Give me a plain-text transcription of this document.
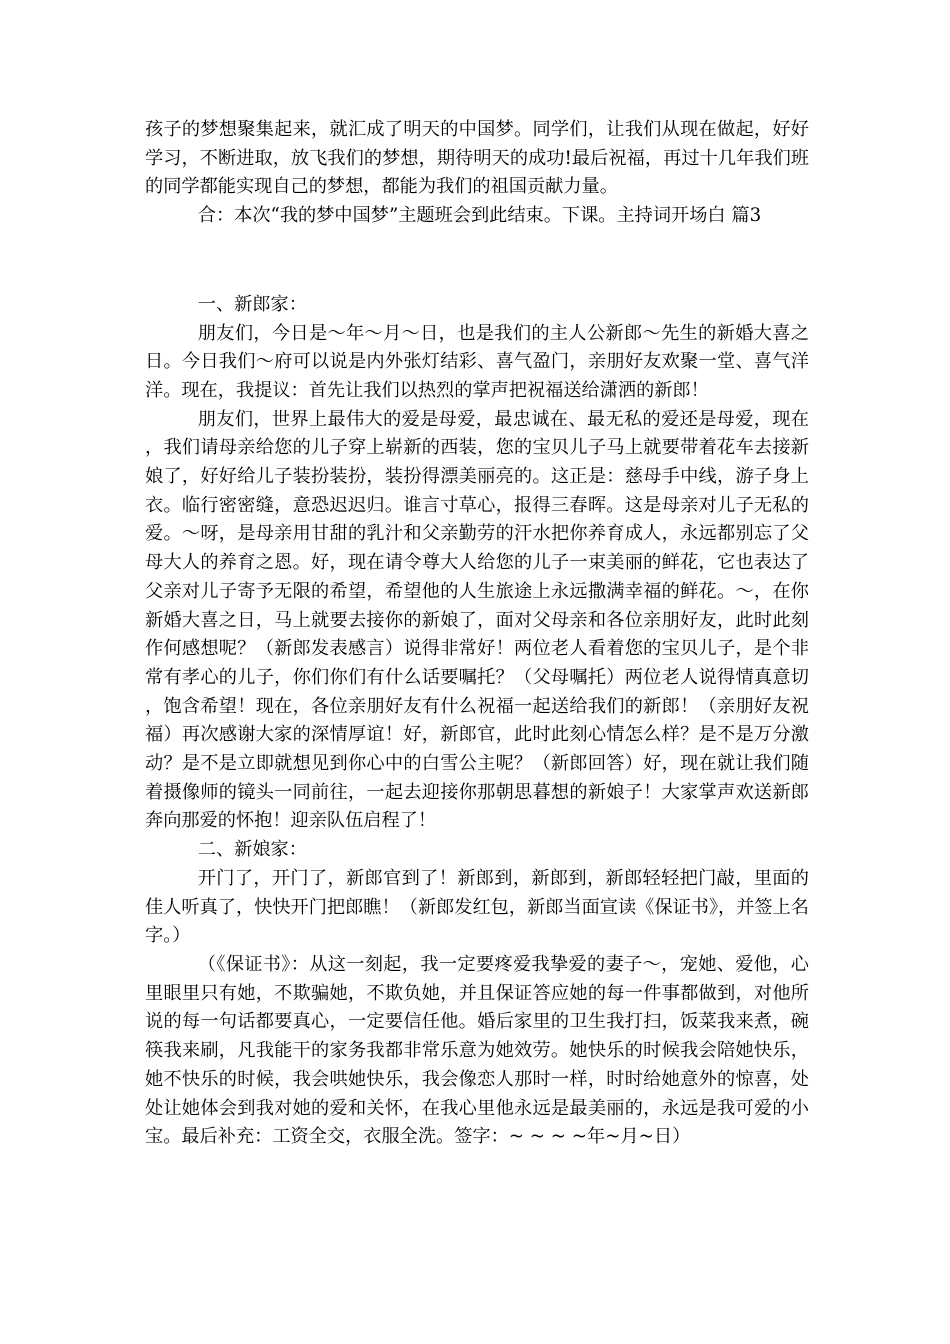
孩子的梦想聚集起来，就汇成了明天的中国梦。同学们，让我们从现在做起，好好学习，不断进取，放飞我们的梦想，期待明天的成功!最后祝福，再过十几年我们班的同学都能实现自己的梦想，都能为我们的祖国贡献力量。

合：本次“我的梦中国梦”主题班会到此结束。下课。主持词开场白 篇3

一、新郎家：

朋友们，今日是～年～月～日，也是我们的主人公新郎～先生的新婚大喜之日。今日我们～府可以说是内外张灯结彩、喜气盈门，亲朋好友欢聚一堂、喜气洋洋。现在，我提议：首先让我们以热烈的掌声把祝福送给潇洒的新郎！

朋友们，世界上最伟大的爱是母爱，最忠诚在、最无私的爱还是母爱，现在，我们请母亲给您的儿子穿上崭新的西装，您的宝贝儿子马上就要带着花车去接新娘了，好好给儿子装扮装扮，装扮得漂美丽亮的。这正是：慈母手中线，游子身上衣。临行密密缝，意恐迟迟归。谁言寸草心，报得三春晖。这是母亲对儿子无私的爱。～呀，是母亲用甘甜的乳汁和父亲勤劳的汗水把你养育成人，永远都别忘了父母大人的养育之恩。好，现在请令尊大人给您的儿子一束美丽的鲜花，它也表达了父亲对儿子寄予无限的希望，希望他的人生旅途上永远撒满幸福的鲜花。～，在你新婚大喜之日，马上就要去接你的新娘了，面对父母亲和各位亲朋好友，此时此刻作何感想呢？（新郎发表感言）说得非常好！两位老人看着您的宝贝儿子，是个非常有孝心的儿子，你们你们有什么话要嘱托？（父母嘱托）两位老人说得情真意切，饱含希望！现在，各位亲朋好友有什么祝福一起送给我们的新郎！（亲朋好友祝福）再次感谢大家的深情厚谊！好，新郎官，此时此刻心情怎么样？是不是万分激动？是不是立即就想见到你心中的白雪公主呢？（新郎回答）好，现在就让我们随着摄像师的镜头一同前往，一起去迎接你那朝思暮想的新娘子！大家掌声欢送新郎奔向那爱的怀抱！迎亲队伍启程了！

二、新娘家：

开门了，开门了，新郎官到了！新郎到，新郎到，新郎轻轻把门敲，里面的佳人听真了，快快开门把郎瞧！（新郎发红包，新郎当面宣读《保证书》，并签上名字。）

（《保证书》：从这一刻起，我一定要疼爱我挚爱的妻子～，宠她、爱他，心里眼里只有她，不欺骗她，不欺负她，并且保证答应她的每一件事都做到，对他所说的每一句话都要真心，一定要信任他。婚后家里的卫生我打扫，饭菜我来煮，碗筷我来刷，凡我能干的家务我都非常乐意为她效劳。她快乐的时候我会陪她快乐，她不快乐的时候，我会哄她快乐，我会像恋人那时一样，时时给她意外的惊喜，处处让她体会到我对她的爱和关怀，在我心里他永远是最美丽的，永远是我可爱的小宝。最后补充：工资全交，衣服全洗。签字：~ ~ ~ ~年~月~日）
